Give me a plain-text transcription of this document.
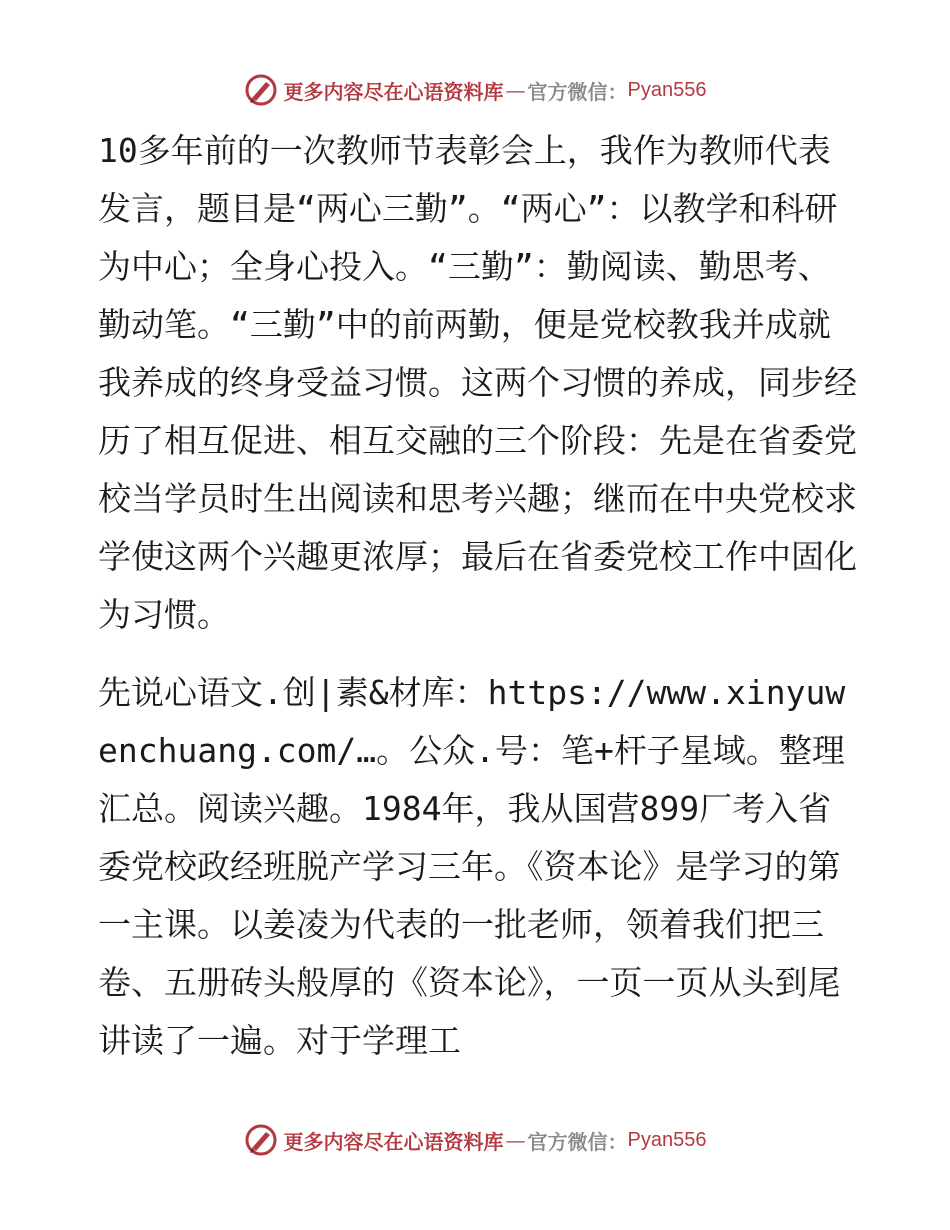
更多内容尽在心语资料库 — 官方微信： Pyan556

10多年前的一次教师节表彰会上，我作为教师代表发言，题目是“两心三勤”。“两心”：以教学和科研为中心；全身心投入。“三勤”：勤阅读、勤思考、勤动笔。“三勤”中的前两勤，便是党校教我并成就我养成的终身受益习惯。这两个习惯的养成，同步经历了相互促进、相互交融的三个阶段：先是在省委党校当学员时生出阅读和思考兴趣；继而在中央党校求学使这两个兴趣更浓厚；最后在省委党校工作中固化为习惯。

先说心语文.创|素&材库：https://www.xinyuwenchuang.com/…。公众.号：笔+杆子星域。整理汇总。阅读兴趣。1984年，我从国营899厂考入省委党校政经班脱产学习三年。《资本论》是学习的第一主课。以姜凌为代表的一批老师，领着我们把三卷、五册砖头般厚的《资本论》，一页一页从头到尾讲读了一遍。对于学理工

更多内容尽在心语资料库 — 官方微信： Pyan556
